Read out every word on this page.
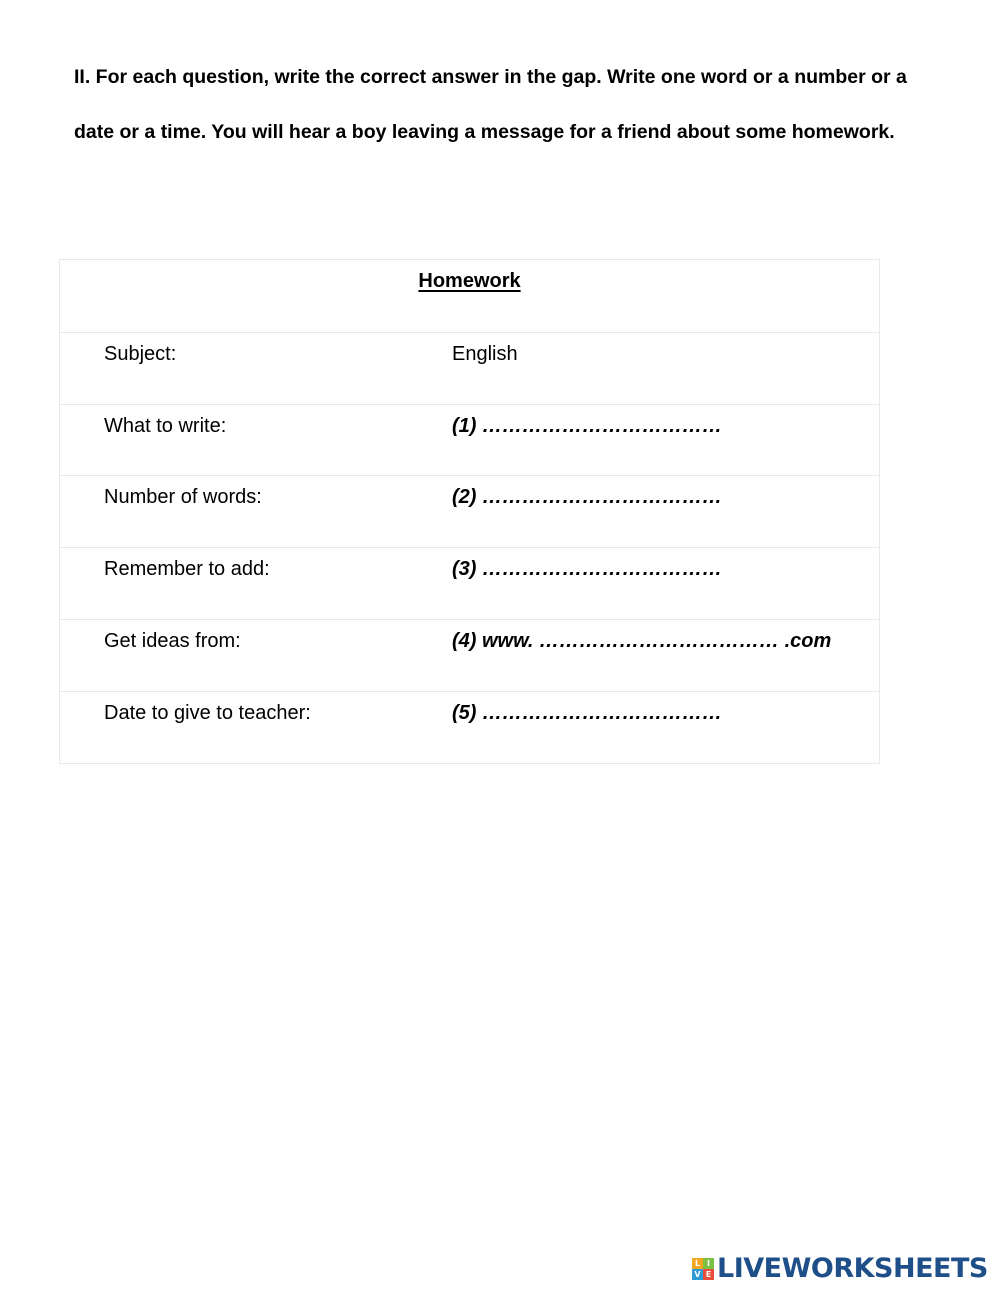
II. For each question, write the correct answer in the gap. Write one word or a number or a

date or a time. You will hear a boy leaving a message for a friend about some homework.

Homework
Subject:	English
What to write:	(1) ………………………………
Number of words:	(2) ………………………………
Remember to add:	(3) ………………………………
Get ideas from:	(4) www. ……………………………… .com
Date to give to teacher:	(5) ………………………………
L I
V E LIVEWORKSHEETS
